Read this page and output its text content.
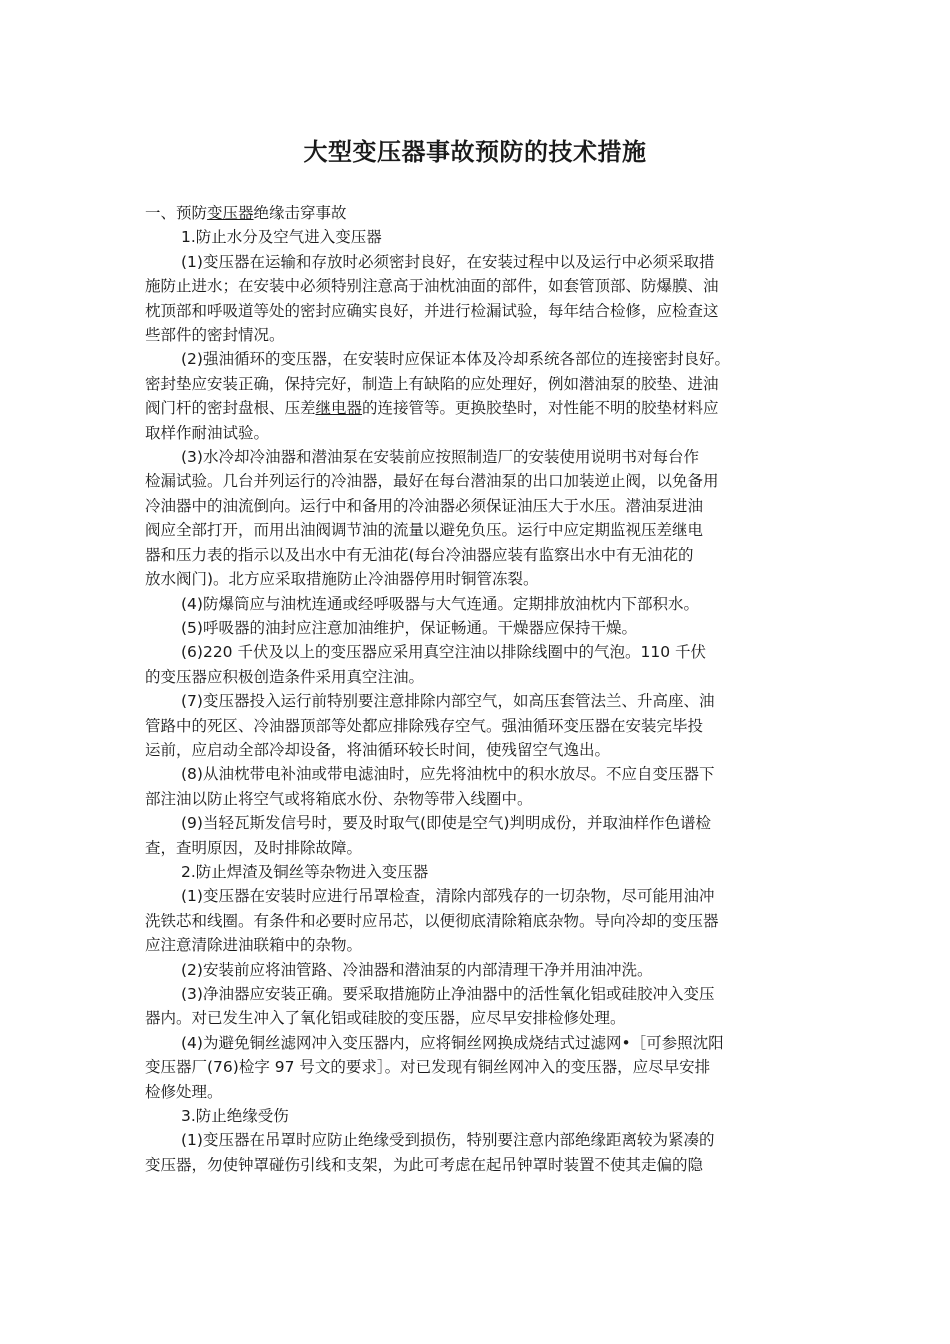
大型变压器事故预防的技术措施

一、预防变压器绝缘击穿事故

1.防止水分及空气进入变压器

(1)变压器在运输和存放时必须密封良好，在安装过程中以及运行中必须采取措

施防止进水；在安装中必须特别注意高于油枕油面的部件，如套管顶部、防爆膜、油

枕顶部和呼吸道等处的密封应确实良好，并进行检漏试验，每年结合检修，应检查这

些部件的密封情况。

(2)强油循环的变压器，在安装时应保证本体及冷却系统各部位的连接密封良好。

密封垫应安装正确，保持完好，制造上有缺陷的应处理好，例如潜油泵的胶垫、进油

阀门杆的密封盘根、压差继电器的连接管等。更换胶垫时，对性能不明的胶垫材料应

取样作耐油试验。

(3)水冷却冷油器和潜油泵在安装前应按照制造厂的安装使用说明书对每台作

检漏试验。几台并列运行的冷油器，最好在每台潜油泵的出口加装逆止阀，以免备用

冷油器中的油流倒向。运行中和备用的冷油器必须保证油压大于水压。潜油泵进油

阀应全部打开，而用出油阀调节油的流量以避免负压。运行中应定期监视压差继电

器和压力表的指示以及出水中有无油花(每台冷油器应装有监察出水中有无油花的

放水阀门)。北方应采取措施防止冷油器停用时铜管冻裂。

(4)防爆筒应与油枕连通或经呼吸器与大气连通。定期排放油枕内下部积水。

(5)呼吸器的油封应注意加油维护，保证畅通。干燥器应保持干燥。

(6)220 千伏及以上的变压器应采用真空注油以排除线圈中的气泡。110 千伏

的变压器应积极创造条件采用真空注油。

(7)变压器投入运行前特别要注意排除内部空气，如高压套管法兰、升高座、油

管路中的死区、冷油器顶部等处都应排除残存空气。强油循环变压器在安装完毕投

运前，应启动全部冷却设备，将油循环较长时间，使残留空气逸出。

(8)从油枕带电补油或带电滤油时，应先将油枕中的积水放尽。不应自变压器下

部注油以防止将空气或将箱底水份、杂物等带入线圈中。

(9)当轻瓦斯发信号时，要及时取气(即使是空气)判明成份，并取油样作色谱检

查，查明原因，及时排除故障。

2.防止焊渣及铜丝等杂物进入变压器

(1)变压器在安装时应进行吊罩检查，清除内部残存的一切杂物，尽可能用油冲

洗铁芯和线圈。有条件和必要时应吊芯，以便彻底清除箱底杂物。导向冷却的变压器

应注意清除进油联箱中的杂物。

(2)安装前应将油管路、冷油器和潜油泵的内部清理干净并用油冲洗。

(3)净油器应安装正确。要采取措施防止净油器中的活性氧化铝或硅胶冲入变压

器内。对已发生冲入了氧化铝或硅胶的变压器，应尽早安排检修处理。

(4)为避免铜丝滤网冲入变压器内，应将铜丝网换成烧结式过滤网•［可参照沈阳

变压器厂(76)检字 97 号文的要求］。对已发现有铜丝网冲入的变压器，应尽早安排

检修处理。

3.防止绝缘受伤

(1)变压器在吊罩时应防止绝缘受到损伤，特别要注意内部绝缘距离较为紧凑的

变压器，勿使钟罩碰伤引线和支架，为此可考虑在起吊钟罩时装置不使其走偏的隐
